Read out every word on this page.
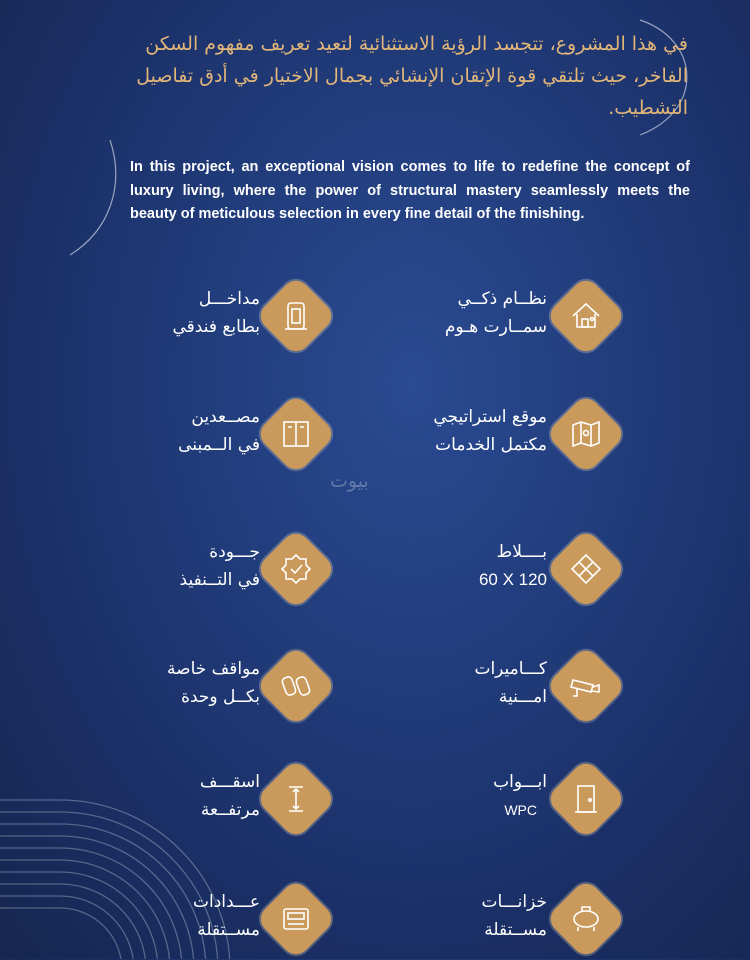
في هذا المشروع، تتجسد الرؤية الاستثنائية لتعيد تعريف مفهوم السكن الفاخر، حيث تلتقي قوة الإتقان الإنشائي بجمال الاختيار في أدق تفاصيل التشطيب.

In this project, an exceptional vision comes to life to redefine the concept of luxury living, where the power of structural mastery seamlessly meets the beauty of meticulous selection in every fine detail of the finishing.

بيوت
مداخـــل
بطابع فندقي
نظــام ذكــي
سمــارت هـوم
مصــعدين
في الــمبنى
موقع استراتيجي
مكتمل الخدمات
جـــودة
في التــنفيذ
بــــلاط
60 X 120
مواقف خاصة
بكــل وحدة
كـــاميرات
امـــنية
اسقـــف
مرتفــعة
ابـــواب
WPC
عـــدادات
مســتقلة
خزانـــات
مســتقلة
